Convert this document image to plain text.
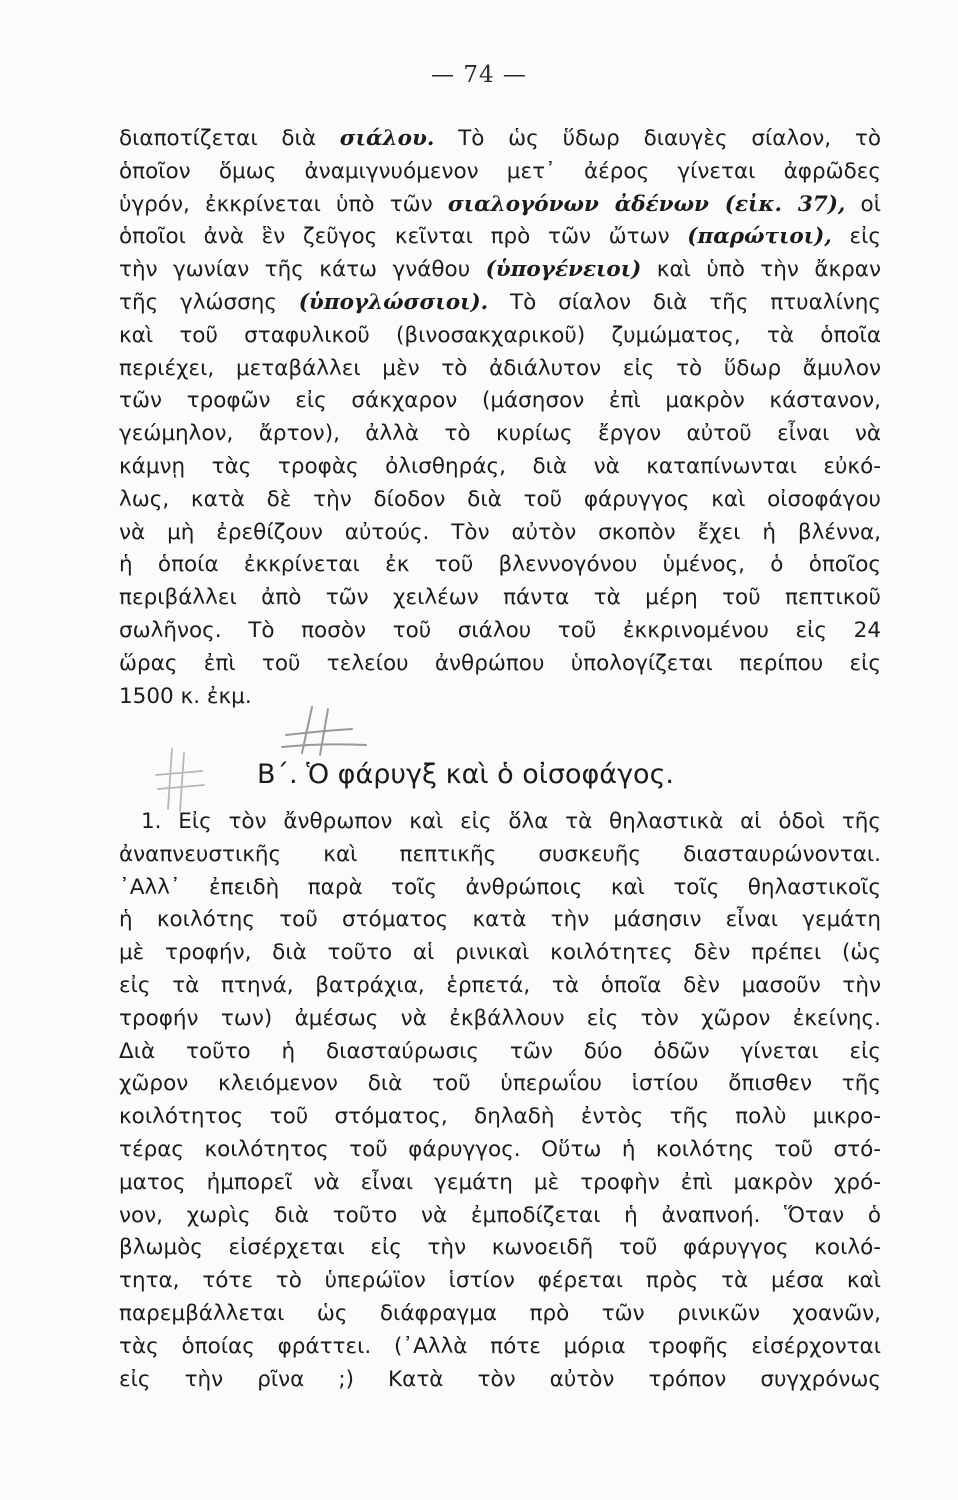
— 74 —
διαποτίζεται διὰ σιάλου. Τὸ ὡς ὕδωρ διαυγὲς σίαλον, τὸ
ὁποῖον ὅμως ἀναμιγνυόμενον μετ᾽ ἀέρος γίνεται ἀφρῶδες
ὑγρόν, ἐκκρίνεται ὑπὸ τῶν σιαλογόνων ἀδένων (εἰκ. 37), οἱ
ὁποῖοι ἀνὰ ἓν ζεῦγος κεῖνται πρὸ τῶν ὤτων (παρώτιοι), εἰς
τὴν γωνίαν τῆς κάτω γνάθου (ὑπογένειοι) καὶ ὑπὸ τὴν ἄκραν
τῆς γλώσσης (ὑπογλώσσιοι). Τὸ σίαλον διὰ τῆς πτυαλίνης
καὶ τοῦ σταφυλικοῦ (βινοσακχαρικοῦ) ζυμώματος, τὰ ὁποῖα
περιέχει, μεταβάλλει μὲν τὸ ἀδιάλυτον εἰς τὸ ὕδωρ ἄμυλον
τῶν τροφῶν εἰς σάκχαρον (μάσησον ἐπὶ μακρὸν κάστανον,
γεώμηλον, ἄρτον), ἀλλὰ τὸ κυρίως ἔργον αὐτοῦ εἶναι νὰ
κάμνῃ τὰς τροφὰς ὀλισθηράς, διὰ νὰ καταπίνωνται εὐκό-
λως, κατὰ δὲ τὴν δίοδον διὰ τοῦ φάρυγγος καὶ οἰσοφάγου
νὰ μὴ ἐρεθίζουν αὐτούς. Τὸν αὐτὸν σκοπὸν ἔχει ἡ βλέννα,
ἡ ὁποία ἐκκρίνεται ἐκ τοῦ βλεννογόνου ὑμένος, ὁ ὁποῖος
περιβάλλει ἀπὸ τῶν χειλέων πάντα τὰ μέρη τοῦ πεπτικοῦ
σωλῆνος. Τὸ ποσὸν τοῦ σιάλου τοῦ ἐκκρινομένου εἰς 24
ὥρας ἐπὶ τοῦ τελείου ἀνθρώπου ὑπολογίζεται περίπου εἰς
1500 κ. ἐκμ.
Β΄. Ὁ φάρυγξ καὶ ὁ οἰσοφάγος.
1. Εἰς τὸν ἄνθρωπον καὶ εἰς ὅλα τὰ θηλαστικὰ αἱ ὁδοὶ τῆς
ἀναπνευστικῆς καὶ πεπτικῆς συσκευῆς διασταυρώνονται.
᾿Αλλ᾽ ἐπειδὴ παρὰ τοῖς ἀνθρώποις καὶ τοῖς θηλαστικοῖς
ἡ κοιλότης τοῦ στόματος κατὰ τὴν μάσησιν εἶναι γεμάτη
μὲ τροφήν, διὰ τοῦτο αἱ ρινικαὶ κοιλότητες δὲν πρέπει (ὡς
εἰς τὰ πτηνά, βατράχια, ἑρπετά, τὰ ὁποῖα δὲν μασοῦν τὴν
τροφήν των) ἀμέσως νὰ ἐκβάλλουν εἰς τὸν χῶρον ἐκείνης.
Διὰ τοῦτο ἡ διασταύρωσις τῶν δύο ὁδῶν γίνεται εἰς
χῶρον κλειόμενον διὰ τοῦ ὑπερωΐου ἱστίου ὄπισθεν τῆς
κοιλότητος τοῦ στόματος, δηλαδὴ ἐντὸς τῆς πολὺ μικρο-
τέρας κοιλότητος τοῦ φάρυγγος. Οὕτω ἡ κοιλότης τοῦ στό-
ματος ἠμπορεῖ νὰ εἶναι γεμάτη μὲ τροφὴν ἐπὶ μακρὸν χρό-
νον, χωρὶς διὰ τοῦτο νὰ ἐμποδίζεται ἡ ἀναπνοή. Ὅταν ὁ
βλωμὸς εἰσέρχεται εἰς τὴν κωνοειδῆ τοῦ φάρυγγος κοιλό-
τητα, τότε τὸ ὑπερώϊον ἱστίον φέρεται πρὸς τὰ μέσα καὶ
παρεμβάλλεται ὡς διάφραγμα πρὸ τῶν ρινικῶν χοανῶν,
τὰς ὁποίας φράττει. (᾿Αλλὰ πότε μόρια τροφῆς εἰσέρχονται
εἰς τὴν ρῖνα ;) Κατὰ τὸν αὐτὸν τρόπον συγχρόνως
